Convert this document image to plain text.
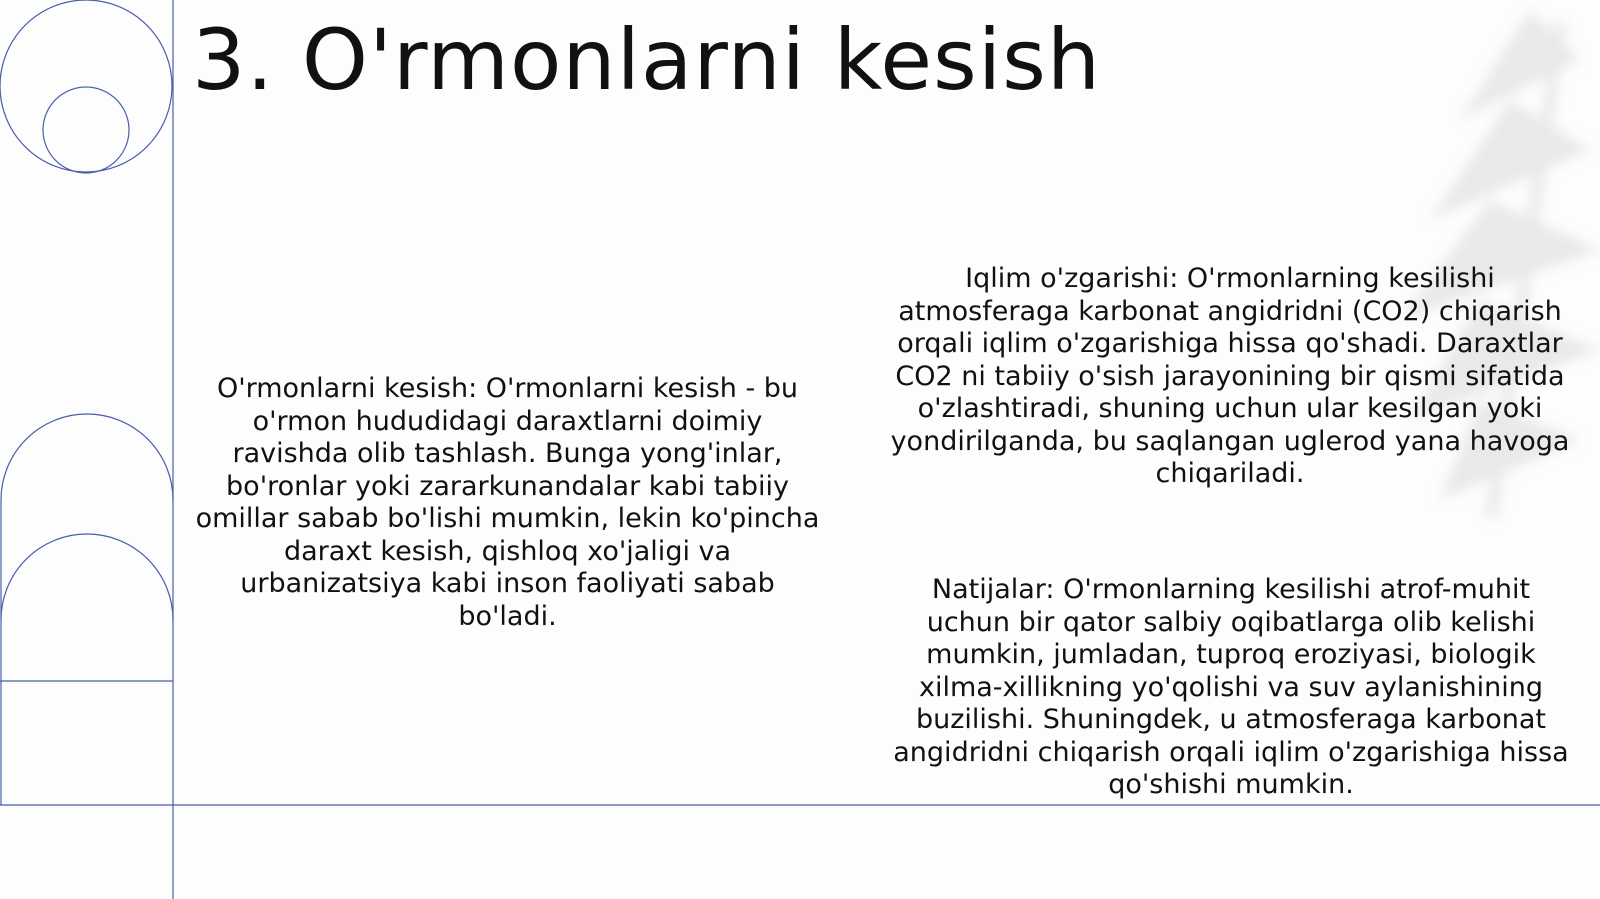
3. O'rmonlarni kesish

O'rmonlarni kesish: O'rmonlarni kesish - bu o'rmon hududidagi daraxtlarni doimiy ravishda olib tashlash. Bunga yong'inlar, bo'ronlar yoki zararkunandalar kabi tabiiy omillar sabab bo'lishi mumkin, lekin ko'pincha daraxt kesish, qishloq xo'jaligi va urbanizatsiya kabi inson faoliyati sabab bo'ladi.

Iqlim o'zgarishi: O'rmonlarning kesilishi atmosferaga karbonat angidridni (CO2) chiqarish orqali iqlim o'zgarishiga hissa qo'shadi. Daraxtlar CO2 ni tabiiy o'sish jarayonining bir qismi sifatida o'zlashtiradi, shuning uchun ular kesilgan yoki yondirilganda, bu saqlangan uglerod yana havoga chiqariladi.

Natijalar: O'rmonlarning kesilishi atrof-muhit uchun bir qator salbiy oqibatlarga olib kelishi mumkin, jumladan, tuproq eroziyasi, biologik xilma-xillikning yo'qolishi va suv aylanishining buzilishi. Shuningdek, u atmosferaga karbonat angidridni chiqarish orqali iqlim o'zgarishiga hissa qo'shishi mumkin.
